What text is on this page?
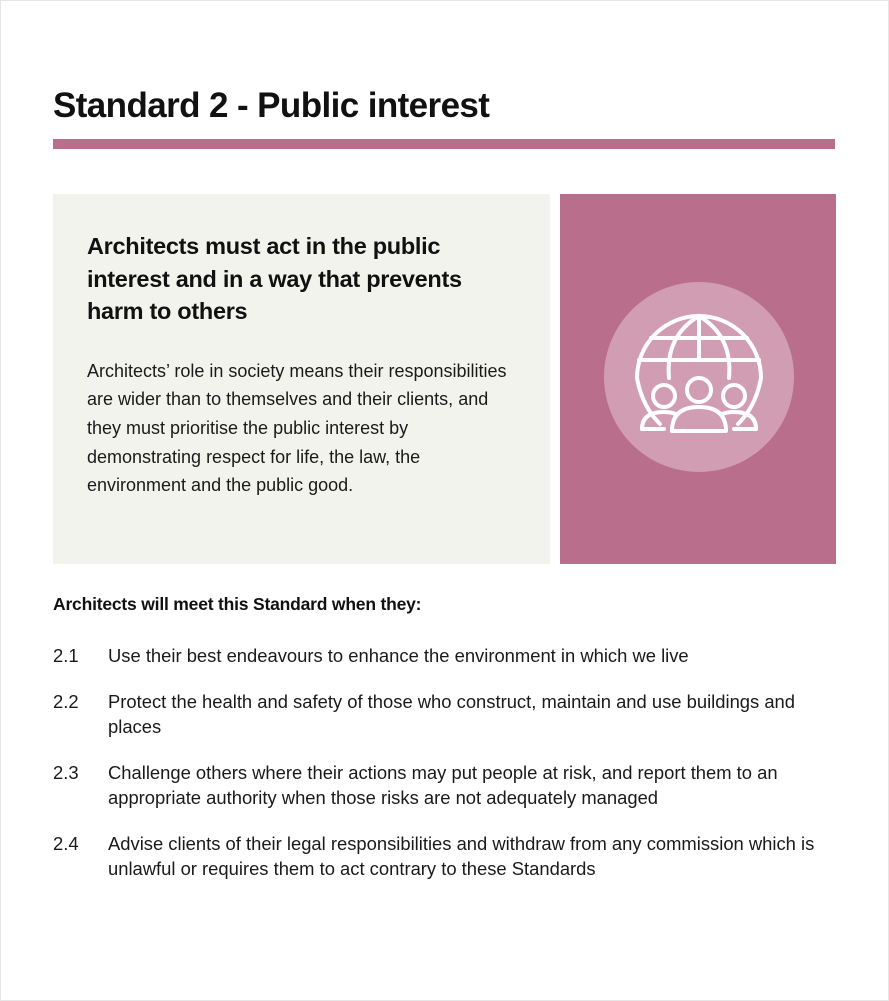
Standard 2 - Public interest
Architects must act in the public interest and in a way that prevents harm to others

Architects’ role in society means their responsibilities are wider than to themselves and their clients, and they must prioritise the public interest by demonstrating respect for life, the law, the environment and the public good.

Architects will meet this Standard when they:

2.1	Use their best endeavours to enhance the environment in which we live
2.2	Protect the health and safety of those who construct, maintain and use buildings and places
2.3	Challenge others where their actions may put people at risk, and report them to an appropriate authority when those risks are not adequately managed
2.4	Advise clients of their legal responsibilities and withdraw from any commission which is unlawful or requires them to act contrary to these Standards
